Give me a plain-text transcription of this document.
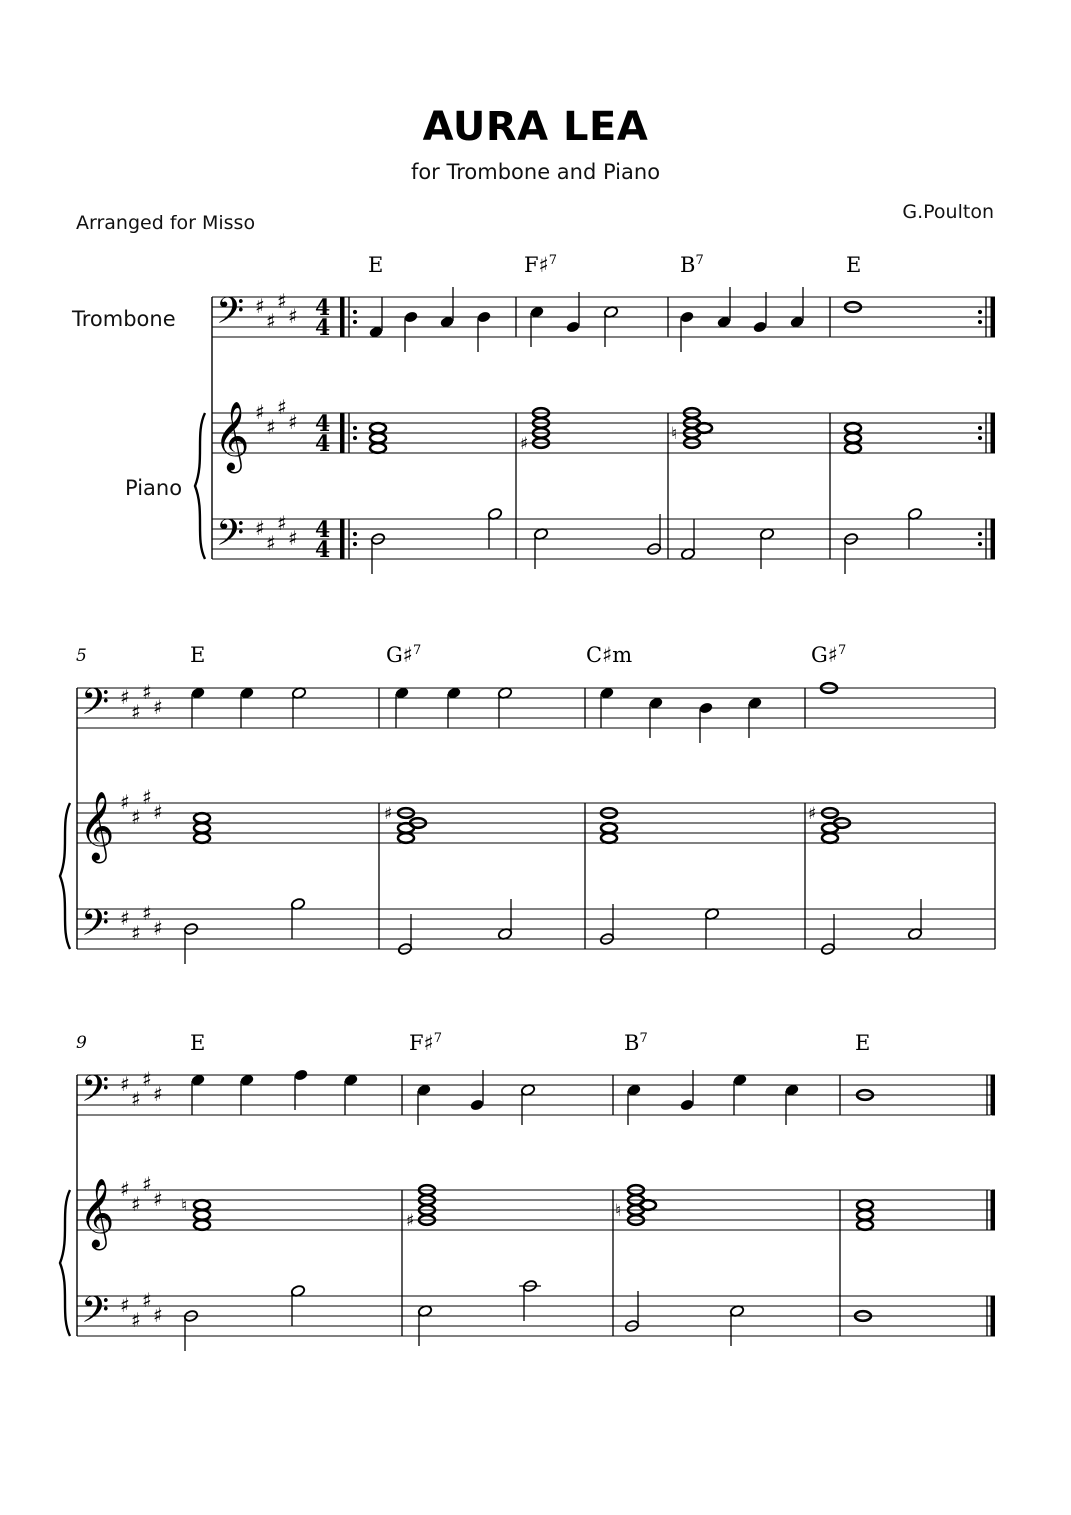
AURA LEA
for Trombone and Piano
Arranged for Misso	G.Poulton
Trombone
Piano
𝄢
𝄞
𝄢
♯
♯
♯
♯
♯
♯
♯
♯
♯
♯
♯
♯
4
4
4
4
4
4
E	F♯$^7$	$B^7$	E
♯	♮
𝄢
𝄞
𝄢
♯
♯
♯
♯
♯
♯
♯
♯
♯
♯
♯
♯
5	E	G♯$^7$	C♯m	G♯$^7$
♯	♯
𝄢
𝄞
𝄢
♯
♯
♯
♯
♯
♯
♯
♯
♯
♯
♯
♯
9	E	F♯$^7$	$B^7$	E
♮
♯	♮
